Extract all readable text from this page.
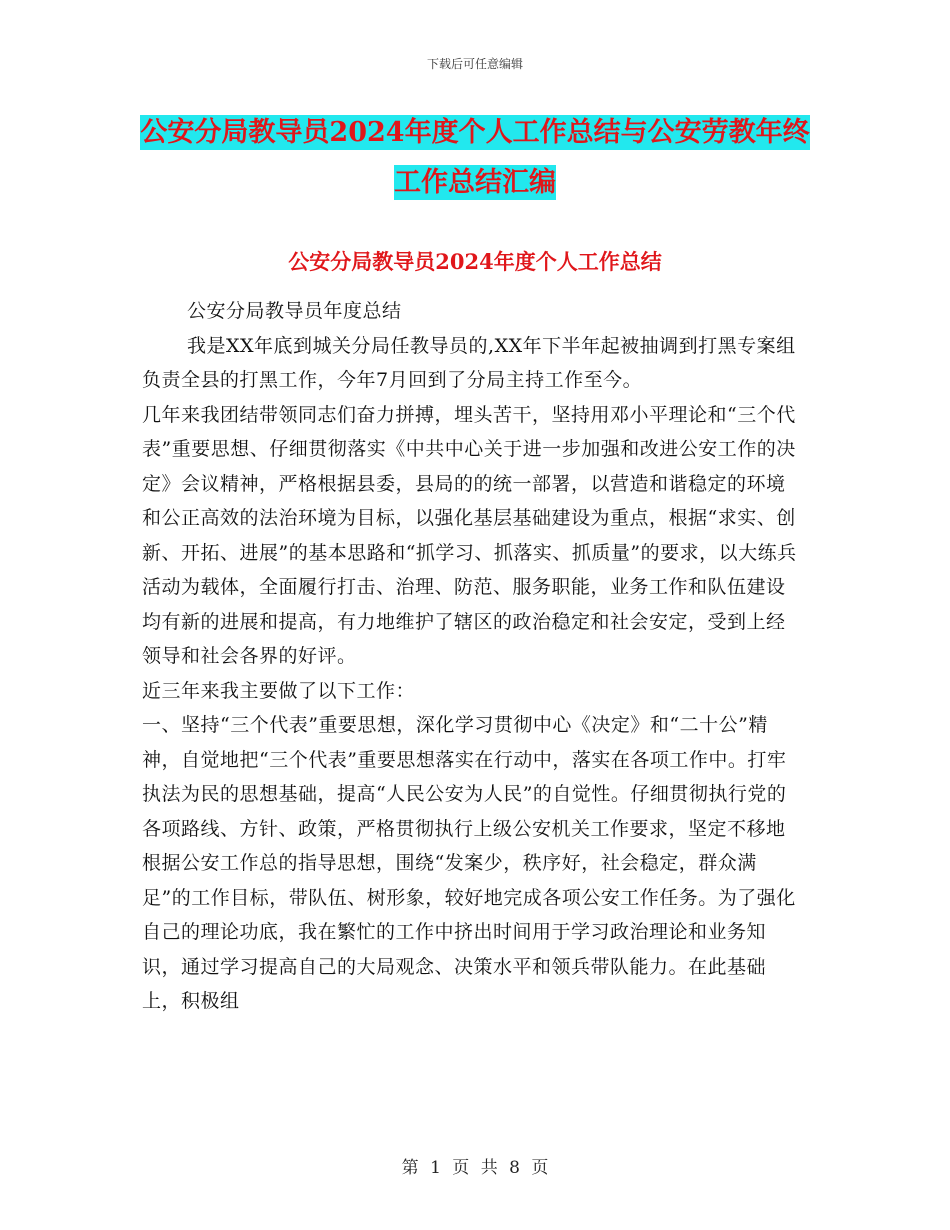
下载后可任意编辑
公安分局教导员2024年度个人工作总结与公安劳教年终工作总结汇编
公安分局教导员2024年度个人工作总结

公安分局教导员年度总结

我是XX年底到城关分局任教导员的,XX年下半年起被抽调到打黑专案组负责全县的打黑工作，今年7月回到了分局主持工作至今。

几年来我团结带领同志们奋力拼搏，埋头苦干，坚持用邓小平理论和“三个代表”重要思想、仔细贯彻落实《中共中心关于进一步加强和改进公安工作的决定》会议精神，严格根据县委，县局的的统一部署，以营造和谐稳定的环境和公正高效的法治环境为目标，以强化基层基础建设为重点，根据“求实、创新、开拓、进展”的基本思路和“抓学习、抓落实、抓质量”的要求，以大练兵活动为载体，全面履行打击、治理、防范、服务职能，业务工作和队伍建设均有新的进展和提高，有力地维护了辖区的政治稳定和社会安定，受到上经领导和社会各界的好评。

近三年来我主要做了以下工作：

一、坚持“三个代表”重要思想，深化学习贯彻中心《决定》和“二十公”精神，自觉地把“三个代表”重要思想落实在行动中，落实在各项工作中。打牢执法为民的思想基础，提高“人民公安为人民”的自觉性。仔细贯彻执行党的各项路线、方针、政策，严格贯彻执行上级公安机关工作要求，坚定不移地根据公安工作总的指导思想，围绕“发案少，秩序好，社会稳定，群众满足”的工作目标，带队伍、树形象，较好地完成各项公安工作任务。为了强化自己的理论功底，我在繁忙的工作中挤出时间用于学习政治理论和业务知识，通过学习提高自己的大局观念、决策水平和领兵带队能力。在此基础上，积极组

第 1 页 共 8 页
